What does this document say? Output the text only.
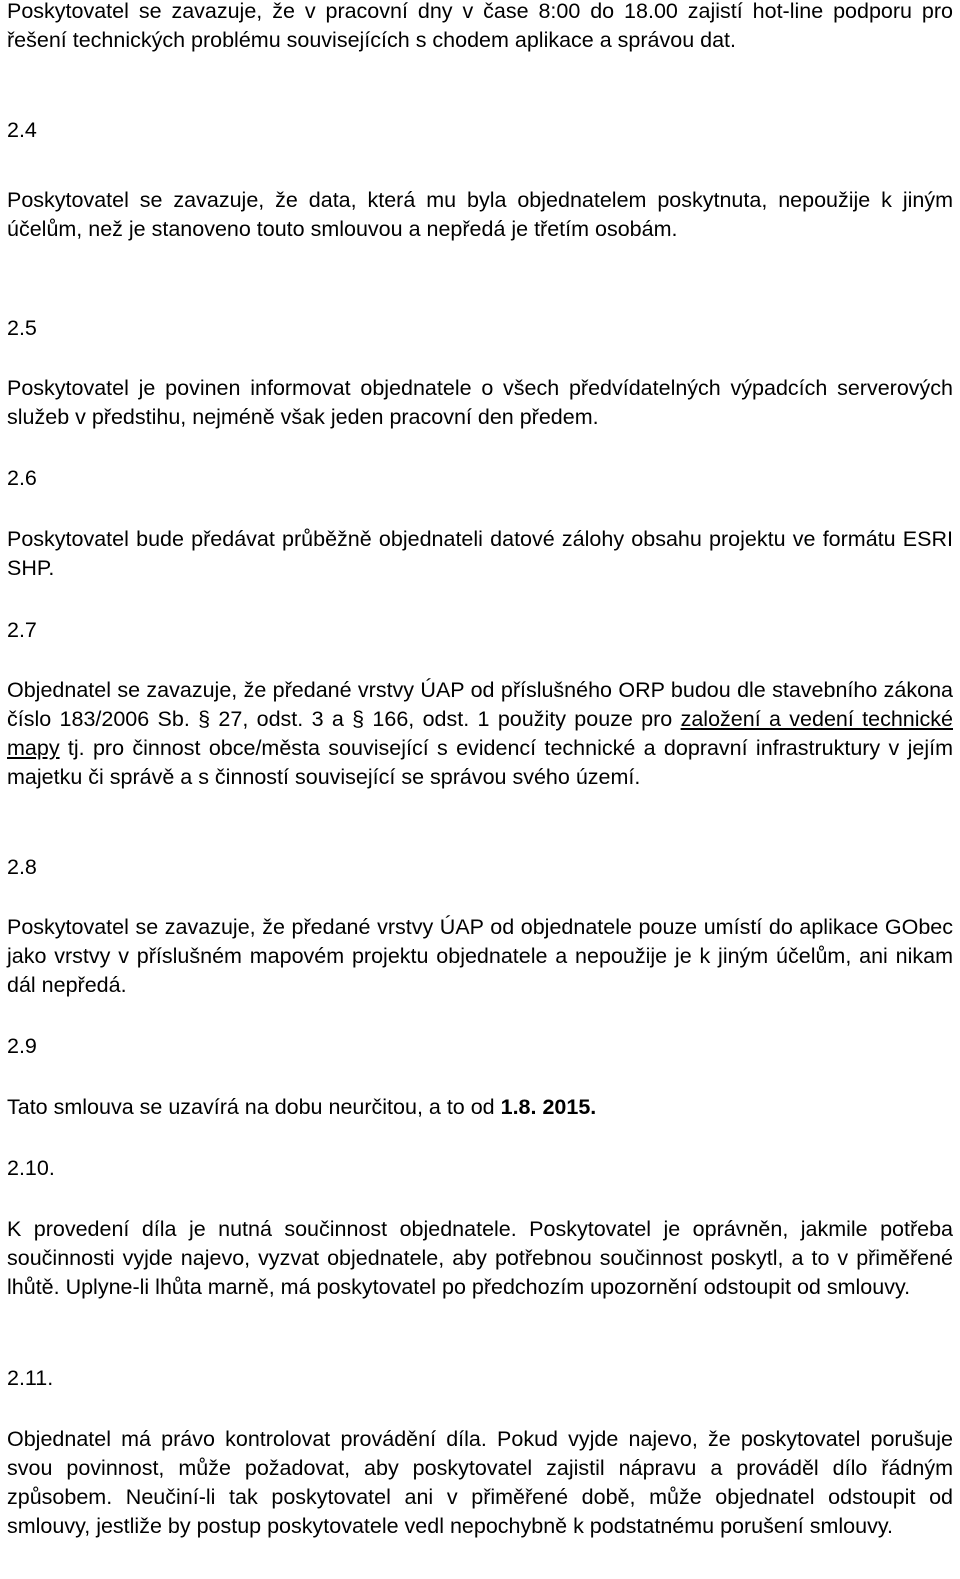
Poskytovatel se zavazuje, že v pracovní dny v čase 8:00 do 18.00 zajistí hot-line podporu pro řešení technických problému souvisejících s chodem aplikace a správou dat.
2.4
Poskytovatel se zavazuje, že data, která mu byla objednatelem poskytnuta, nepoužije k jiným účelům, než je stanoveno touto smlouvou a nepředá je třetím osobám.
2.5
Poskytovatel je povinen informovat objednatele o všech předvídatelných výpadcích serverových služeb v předstihu, nejméně však jeden pracovní den předem.
2.6
Poskytovatel bude předávat průběžně objednateli datové zálohy obsahu projektu ve formátu ESRI SHP.
2.7
Objednatel se zavazuje, že předané vrstvy ÚAP od příslušného ORP budou dle stavebního zákona číslo 183/2006 Sb. § 27, odst. 3 a § 166, odst. 1 použity pouze pro založení a vedení technické mapy tj. pro činnost obce/města související s evidencí technické a dopravní infrastruktury v jejím majetku či správě a s činností související se správou svého území.
2.8
Poskytovatel se zavazuje, že předané vrstvy ÚAP od objednatele pouze umístí do aplikace GObec jako vrstvy v příslušném mapovém projektu objednatele a nepoužije je k jiným účelům, ani nikam dál nepředá.
2.9
Tato smlouva se uzavírá na dobu neurčitou, a to od 1.8. 2015.
2.10.
K provedení díla je nutná součinnost objednatele. Poskytovatel je oprávněn, jakmile potřeba součinnosti vyjde najevo, vyzvat objednatele, aby potřebnou součinnost poskytl, a to v přiměřené lhůtě. Uplyne-li lhůta marně, má poskytovatel po předchozím upozornění odstoupit od smlouvy.
2.11.
Objednatel má právo kontrolovat provádění díla. Pokud vyjde najevo, že poskytovatel porušuje svou povinnost, může požadovat, aby poskytovatel zajistil nápravu a prováděl dílo řádným způsobem. Neučiní-li tak poskytovatel ani v přiměřené době, může objednatel odstoupit od smlouvy, jestliže by postup poskytovatele vedl nepochybně k podstatnému porušení smlouvy.
